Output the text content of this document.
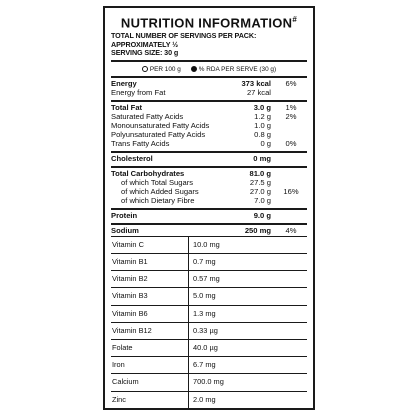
NUTRITION INFORMATION#
TOTAL NUMBER OF SERVINGS PER PACK: APPROXIMATELY ½
SERVING SIZE: 30 g
PER 100 g	% RDA PER SERVE (30 g)
Energy	373 kcal	6%
Energy from Fat	27 kcal
Total Fat	3.0 g	1%
Saturated Fatty Acids	1.2 g	2%
Monounsaturated Fatty Acids	1.0 g
Polyunsaturated Fatty Acids	0.8 g
Trans Fatty Acids	0 g	0%
Cholesterol	0 mg
Total Carbohydrates	81.0 g
of which Total Sugars	27.5 g
of which Added Sugars	27.0 g	16%
of which Dietary Fibre	7.0 g
Protein	9.0 g
Sodium	250 mg	4%
Vitamin C	10.0 mg
Vitamin B1	0.7 mg
Vitamin B2	0.57 mg
Vitamin B3	5.0 mg
Vitamin B6	1.3 mg
Vitamin B12	0.33 µg
Folate	40.0 µg
Iron	6.7 mg
Calcium	700.0 mg
Zinc	2.0 mg
